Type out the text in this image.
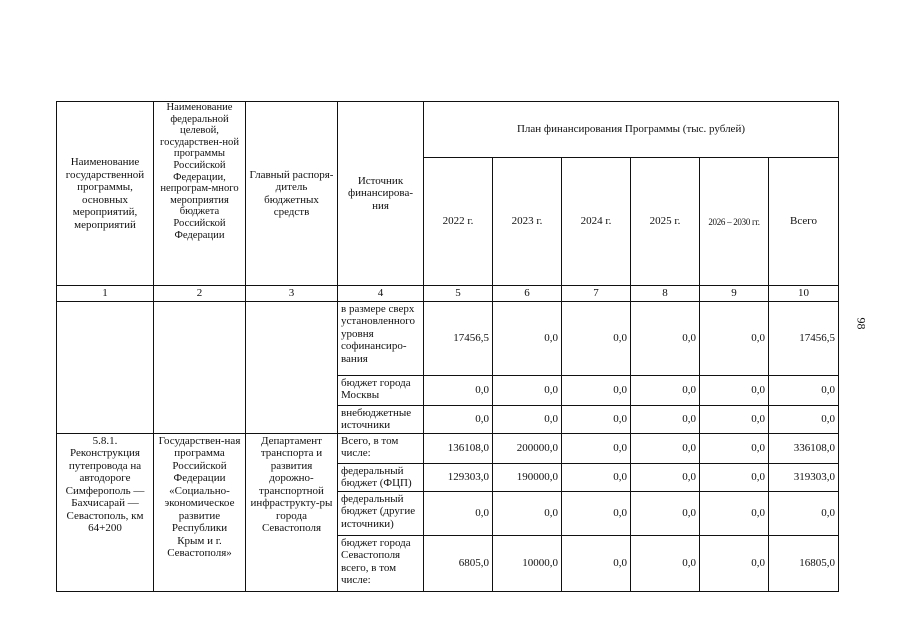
98
Наименование государственной программы, основных мероприятий, мероприятий	Наименование федеральной целевой, государствен-ной программы Российской Федерации, непрограм-много мероприятия бюджета Российской Федерации	Главный распоря-дитель бюджетных средств	Источник финансирова-ния	План финансирования Программы (тыс. рублей)					
				2022 г.	2023 г.	2024 г.	2025 г.	2026 – 2030 гг.	Всего
1	2	3	4	5	6	7	8	9	10
			в размере сверх установленного уровня софинансиро-вания	17456,5	0,0	0,0	0,0	0,0	17456,5
			бюджет города Москвы	0,0	0,0	0,0	0,0	0,0	0,0
			внебюджетные источники	0,0	0,0	0,0	0,0	0,0	0,0
5.8.1. Реконструкция путепровода на автодороге Симферополь — Бахчисарай — Севастополь, км 64+200	Государствен-ная программа Российской Федерации «Социально-экономическое развитие Республики Крым и г. Севастополя»	Департамент транспорта и развития дорожно-транспортной инфраструкту-ры города Севастополя	Всего, в том числе:	136108,0	200000,0	0,0	0,0	0,0	336108,0
			федеральный бюджет (ФЦП)	129303,0	190000,0	0,0	0,0	0,0	319303,0
			федеральный бюджет (другие источники)	0,0	0,0	0,0	0,0	0,0	0,0
			бюджет города Севастополя всего, в том числе:	6805,0	10000,0	0,0	0,0	0,0	16805,0
